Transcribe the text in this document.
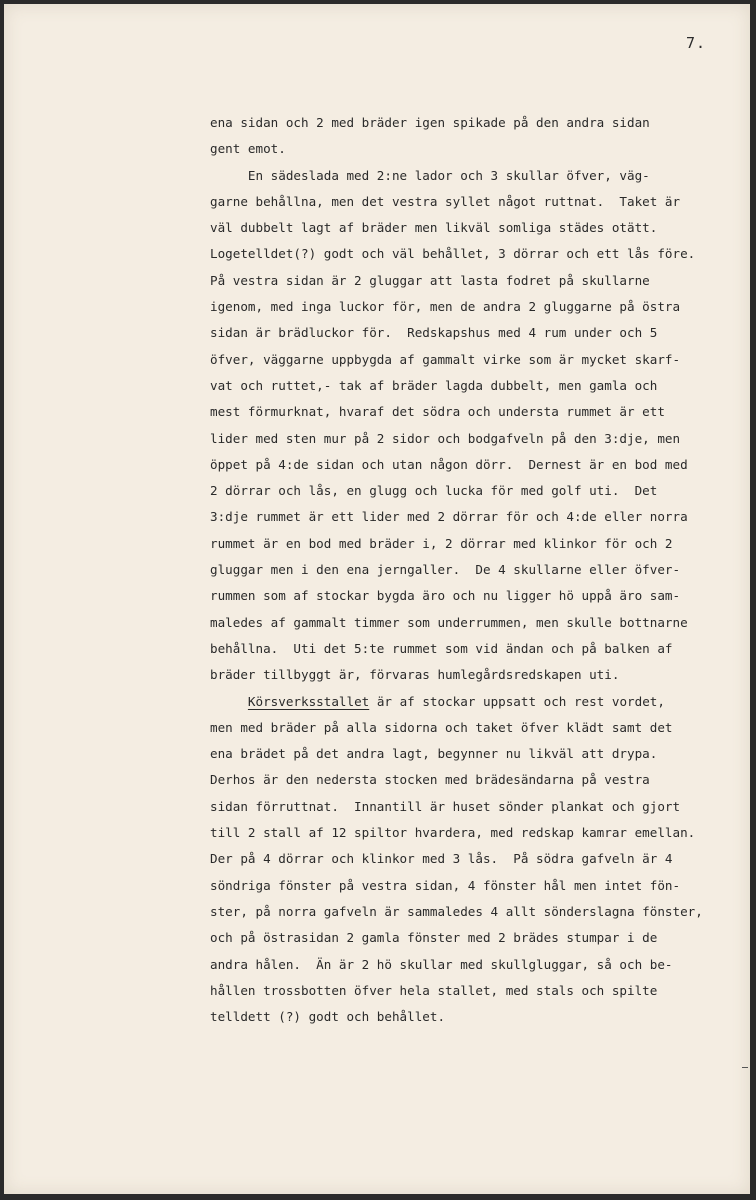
7.
ena sidan och 2 med bräder igen spikade på den andra sidan
gent emot.
En sädeslada med 2:ne lador och 3 skullar öfver, väg-
garne behållna, men det vestra syllet något ruttnat.  Taket är
väl dubbelt lagt af bräder men likväl somliga städes otätt.
Logetelldet(?) godt och väl behållet, 3 dörrar och ett lås före.
På vestra sidan är 2 gluggar att lasta fodret på skullarne
igenom, med inga luckor för, men de andra 2 gluggarne på östra
sidan är brädluckor för.  Redskapshus med 4 rum under och 5
öfver, väggarne uppbygda af gammalt virke som är mycket skarf-
vat och ruttet,- tak af bräder lagda dubbelt, men gamla och
mest förmurknat, hvaraf det södra och understa rummet är ett
lider med sten mur på 2 sidor och bodgafveln på den 3:dje, men
öppet på 4:de sidan och utan någon dörr.  Dernest är en bod med
2 dörrar och lås, en glugg och lucka för med golf uti.  Det
3:dje rummet är ett lider med 2 dörrar för och 4:de eller norra
rummet är en bod med bräder i, 2 dörrar med klinkor för och 2
gluggar men i den ena jerngaller.  De 4 skullarne eller öfver-
rummen som af stockar bygda äro och nu ligger hö uppå äro sam-
maledes af gammalt timmer som underrummen, men skulle bottnarne
behållna.  Uti det 5:te rummet som vid ändan och på balken af
bräder tillbyggt är, förvaras humlegårdsredskapen uti.
Körsverksstallet är af stockar uppsatt och rest vordet,
men med bräder på alla sidorna och taket öfver klädt samt det
ena brädet på det andra lagt, begynner nu likväl att drypa.
Derhos är den nedersta stocken med brädesändarna på vestra
sidan förruttnat.  Innantill är huset sönder plankat och gjort
till 2 stall af 12 spiltor hvardera, med redskap kamrar emellan.
Der på 4 dörrar och klinkor med 3 lås.  På södra gafveln är 4
söndriga fönster på vestra sidan, 4 fönster hål men intet fön-
ster, på norra gafveln är sammaledes 4 allt sönderslagna fönster,
och på östrasidan 2 gamla fönster med 2 brädes stumpar i de
andra hålen.  Än är 2 hö skullar med skullgluggar, så och be-
hållen trossbotten öfver hela stallet, med stals och spilte
telldett (?) godt och behållet.
